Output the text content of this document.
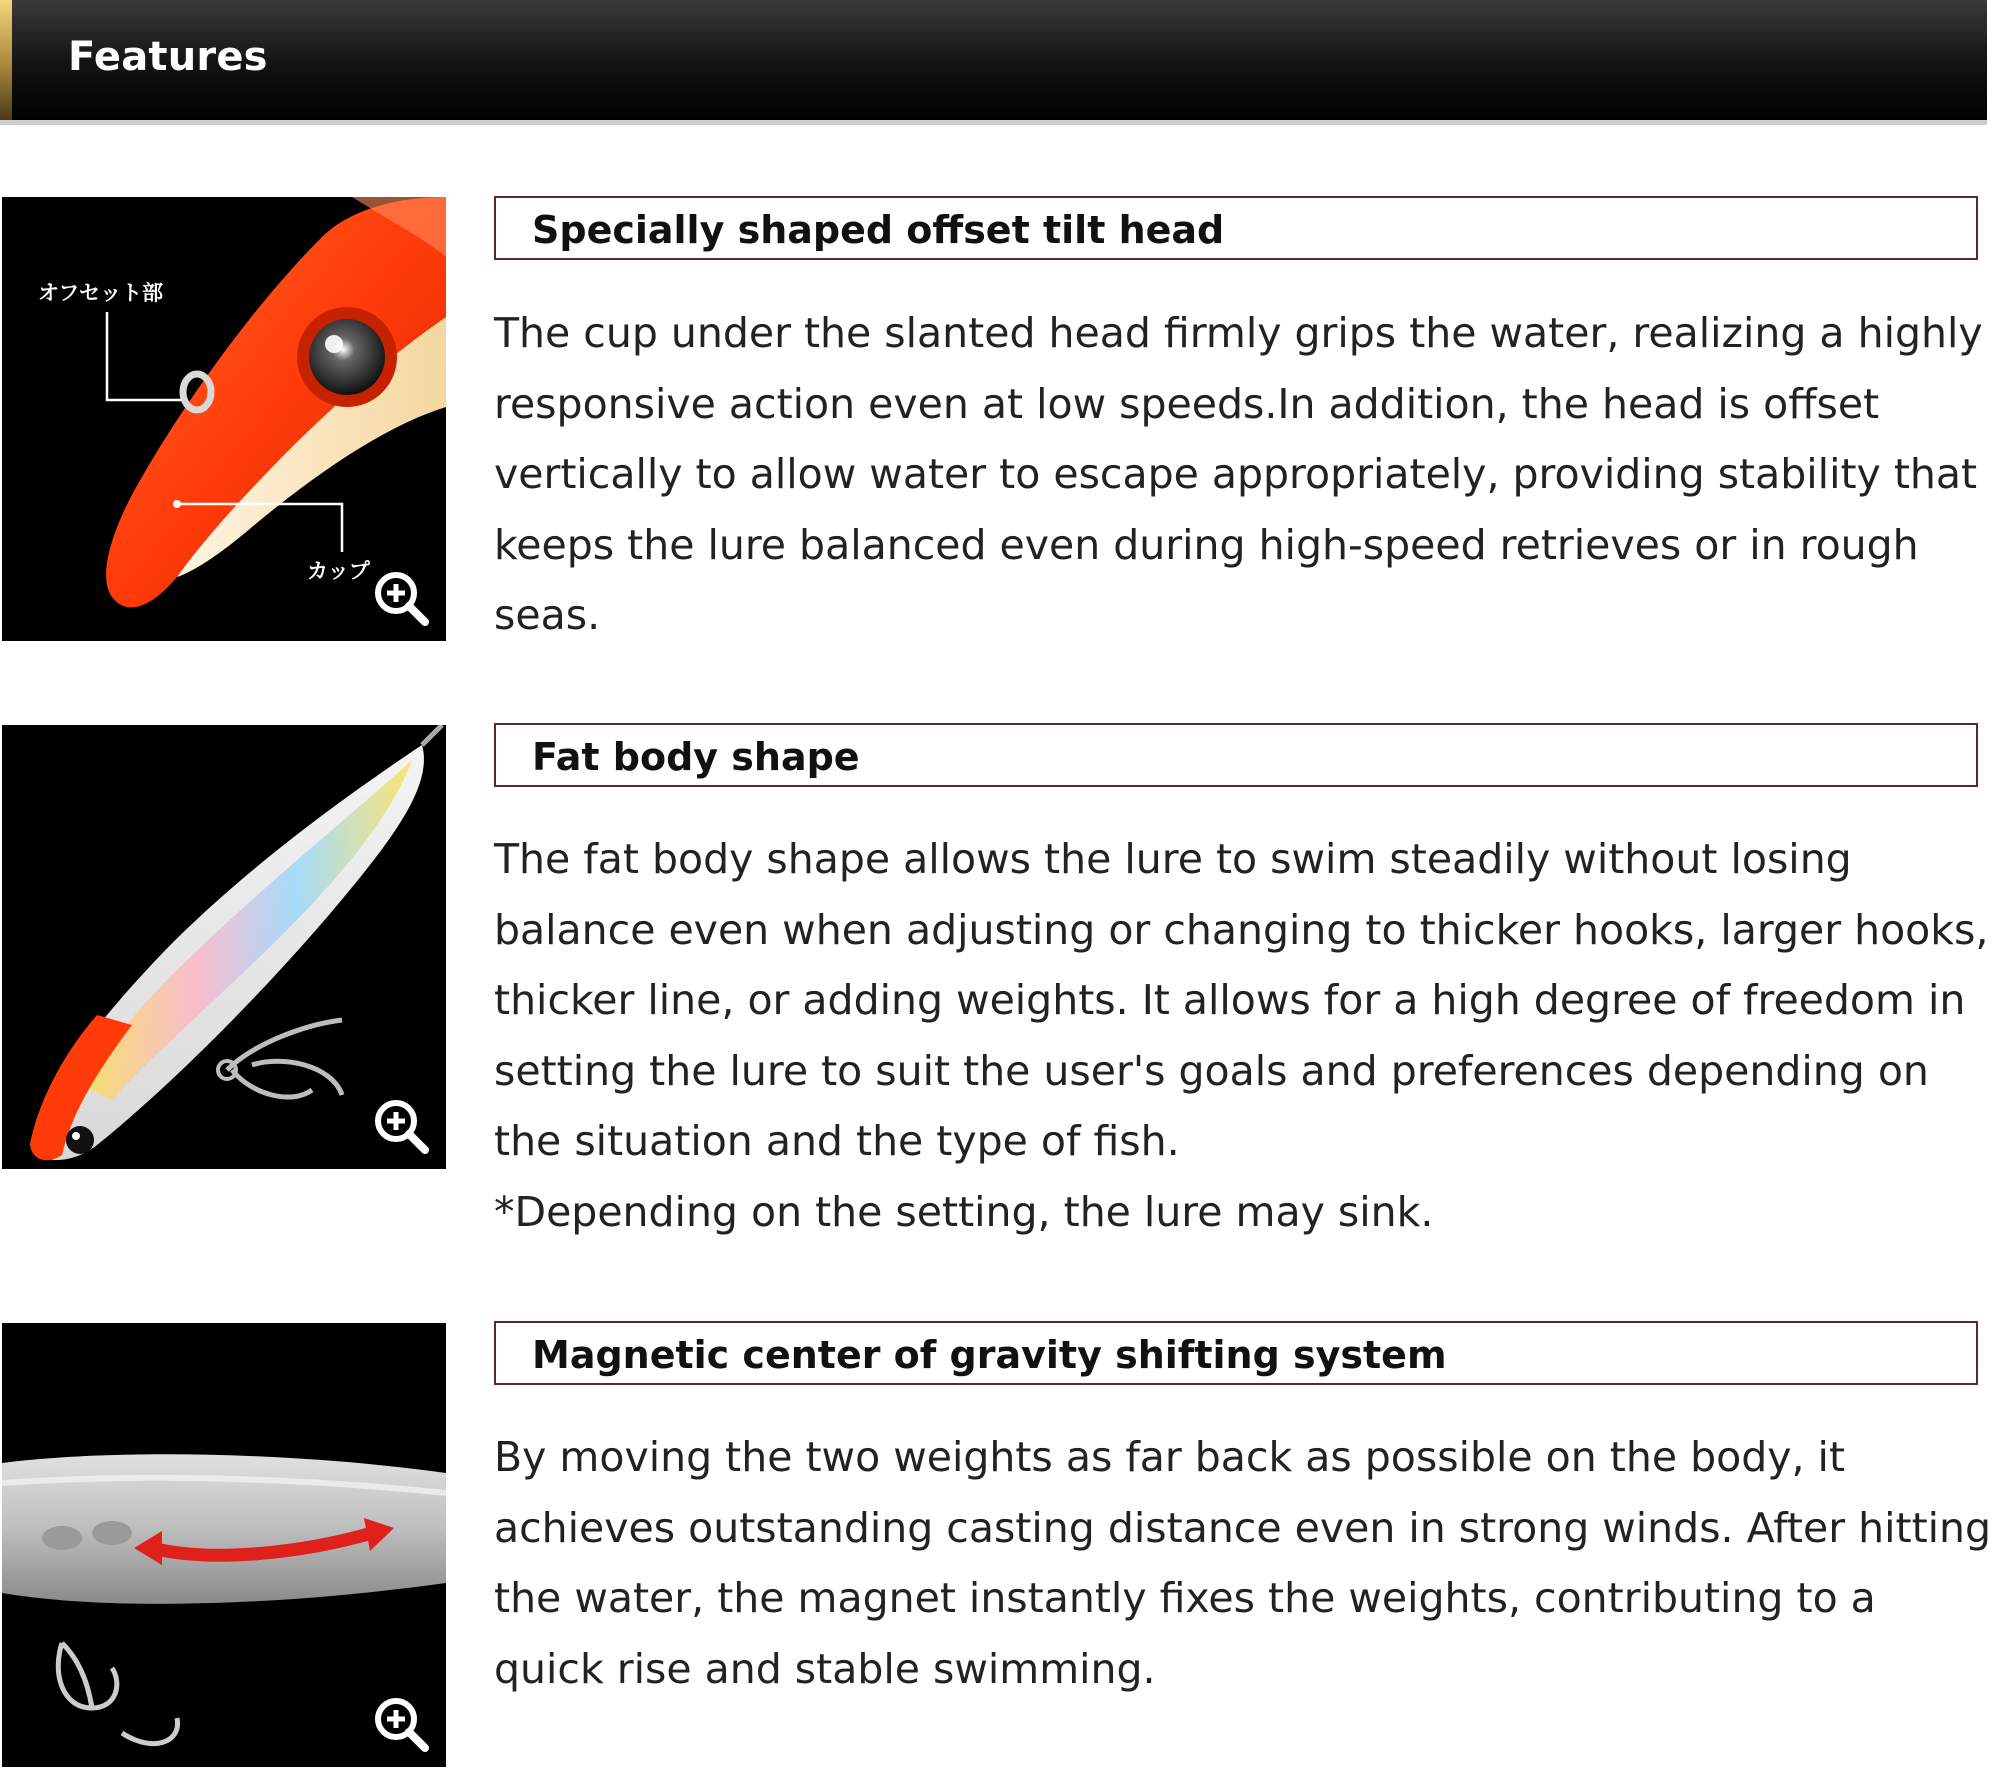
Features
オフセット部
カップ
Specially shaped offset tilt head

The cup under the slanted head firmly grips the water, realizing a highly responsive action even at low speeds.In addition, the head is offset vertically to allow water to escape appropriately, providing stability that keeps the lure balanced even during high-speed retrieves or in rough seas.

Fat body shape

The fat body shape allows the lure to swim steadily without losing balance even when adjusting or changing to thicker hooks, larger hooks, thicker line, or adding weights. It allows for a high degree of freedom in setting the lure to suit the user's goals and preferences depending on the situation and the type of fish.

*Depending on the setting, the lure may sink.

Magnetic center of gravity shifting system

By moving the two weights as far back as possible on the body, it achieves outstanding casting distance even in strong winds. After hitting the water, the magnet instantly fixes the weights, contributing to a quick rise and stable swimming.
